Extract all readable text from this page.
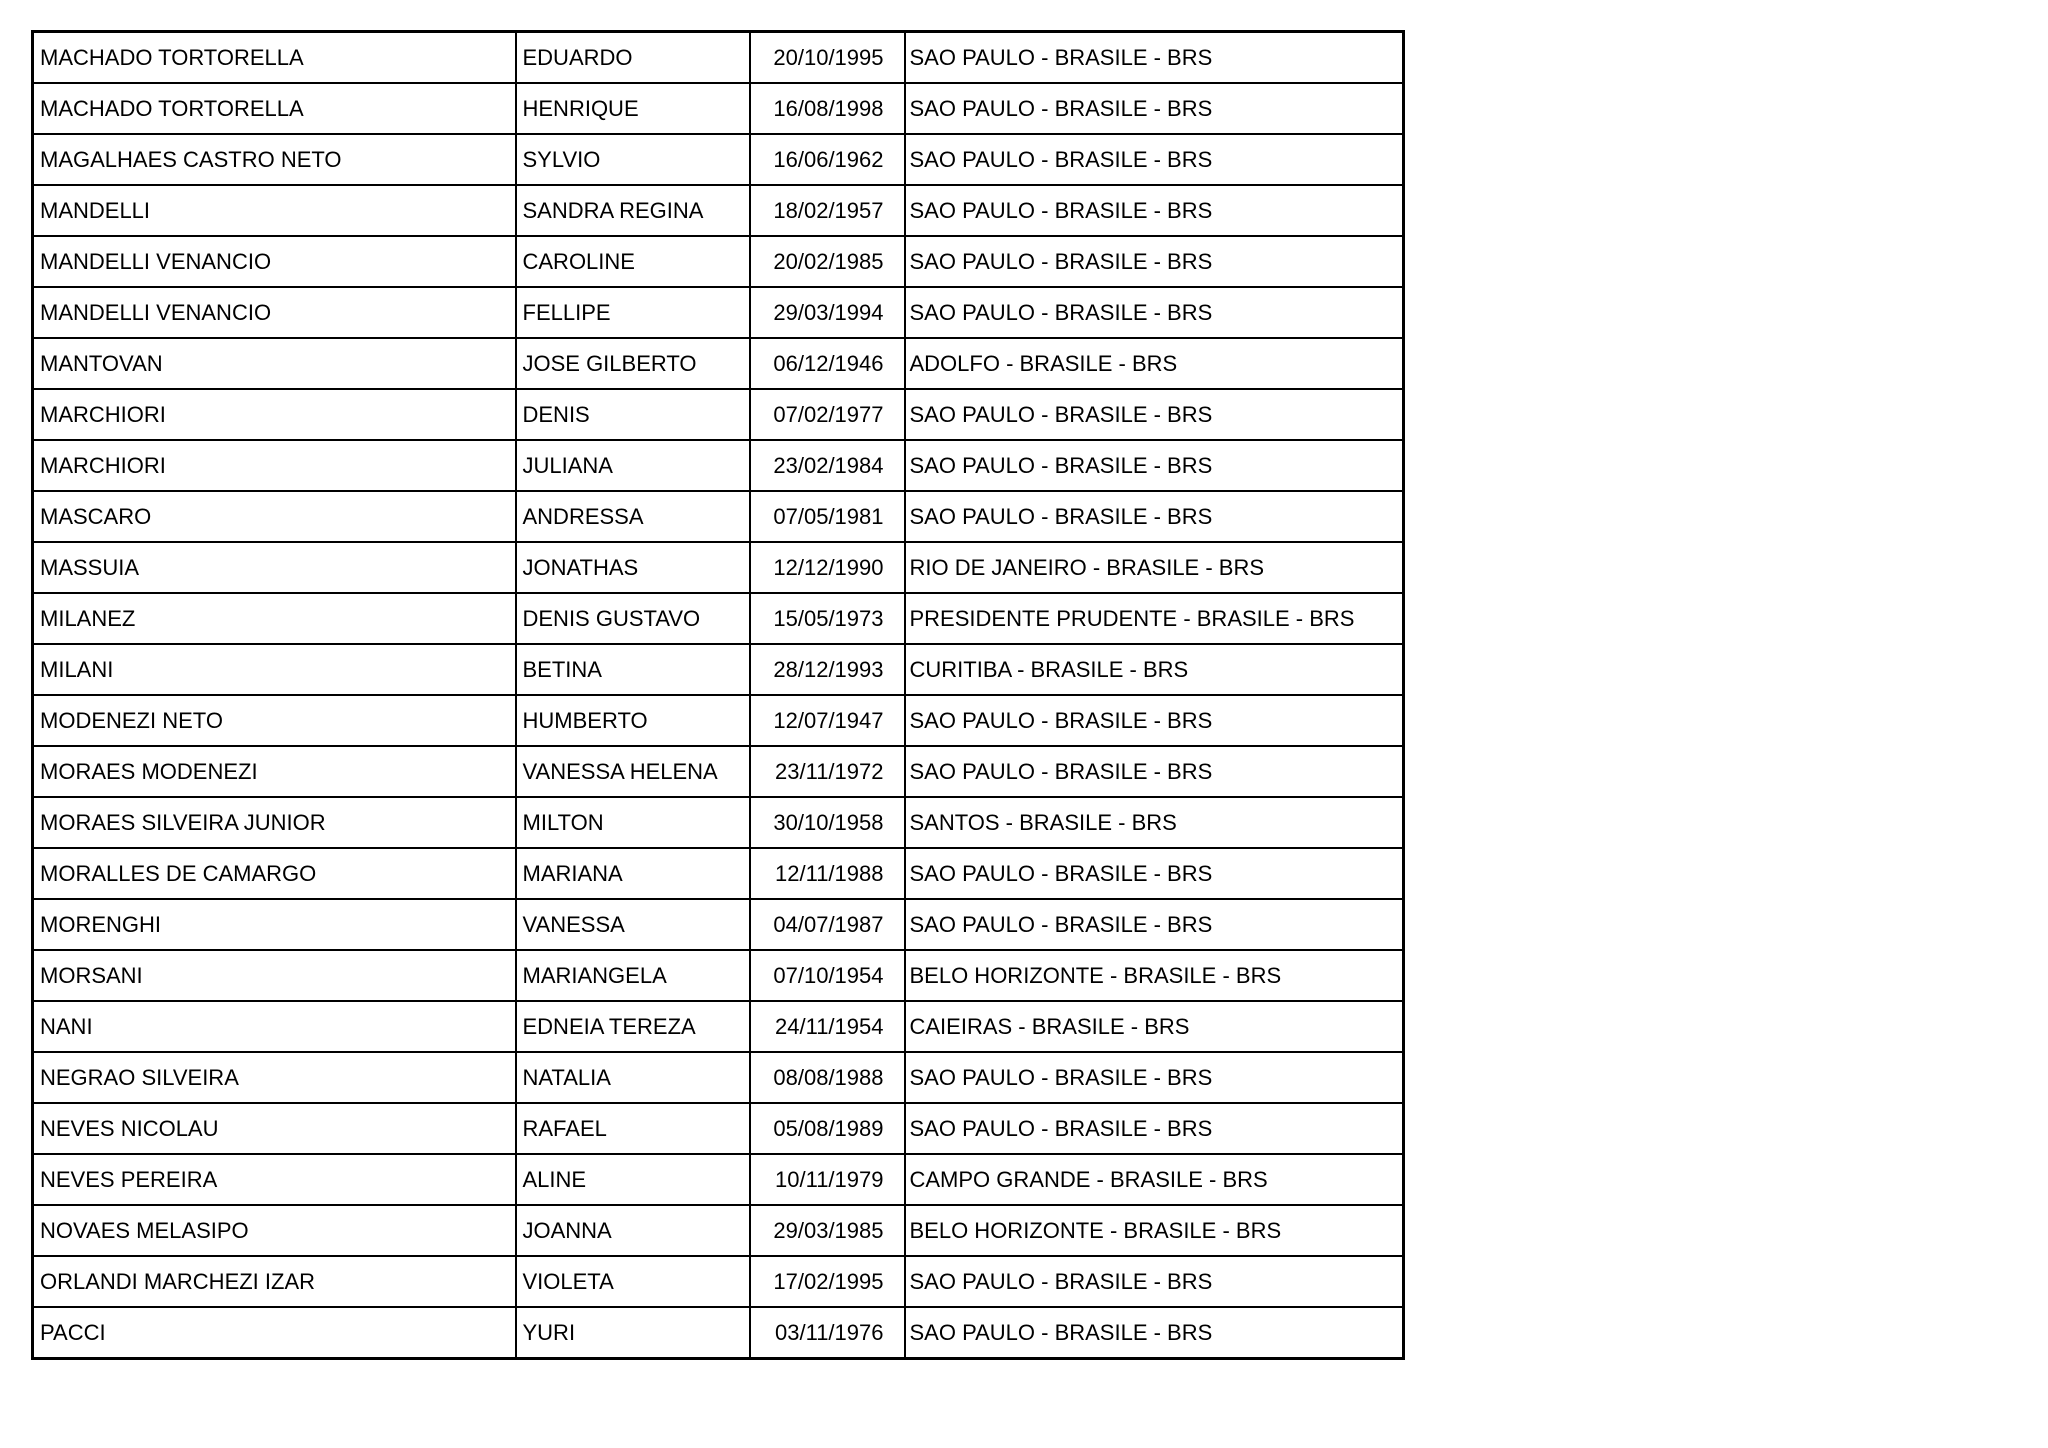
MACHADO TORTORELLA	EDUARDO	20/10/1995	SAO PAULO - BRASILE - BRS
MACHADO TORTORELLA	HENRIQUE	16/08/1998	SAO PAULO - BRASILE - BRS
MAGALHAES CASTRO NETO	SYLVIO	16/06/1962	SAO PAULO - BRASILE - BRS
MANDELLI	SANDRA REGINA	18/02/1957	SAO PAULO - BRASILE - BRS
MANDELLI VENANCIO	CAROLINE	20/02/1985	SAO PAULO - BRASILE - BRS
MANDELLI VENANCIO	FELLIPE	29/03/1994	SAO PAULO - BRASILE - BRS
MANTOVAN	JOSE GILBERTO	06/12/1946	ADOLFO - BRASILE - BRS
MARCHIORI	DENIS	07/02/1977	SAO PAULO - BRASILE - BRS
MARCHIORI	JULIANA	23/02/1984	SAO PAULO - BRASILE - BRS
MASCARO	ANDRESSA	07/05/1981	SAO PAULO - BRASILE - BRS
MASSUIA	JONATHAS	12/12/1990	RIO DE JANEIRO - BRASILE - BRS
MILANEZ	DENIS GUSTAVO	15/05/1973	PRESIDENTE PRUDENTE - BRASILE - BRS
MILANI	BETINA	28/12/1993	CURITIBA - BRASILE - BRS
MODENEZI NETO	HUMBERTO	12/07/1947	SAO PAULO - BRASILE - BRS
MORAES MODENEZI	VANESSA HELENA	23/11/1972	SAO PAULO - BRASILE - BRS
MORAES SILVEIRA JUNIOR	MILTON	30/10/1958	SANTOS - BRASILE - BRS
MORALLES DE CAMARGO	MARIANA	12/11/1988	SAO PAULO - BRASILE - BRS
MORENGHI	VANESSA	04/07/1987	SAO PAULO - BRASILE - BRS
MORSANI	MARIANGELA	07/10/1954	BELO HORIZONTE - BRASILE - BRS
NANI	EDNEIA TEREZA	24/11/1954	CAIEIRAS - BRASILE - BRS
NEGRAO SILVEIRA	NATALIA	08/08/1988	SAO PAULO - BRASILE - BRS
NEVES NICOLAU	RAFAEL	05/08/1989	SAO PAULO - BRASILE - BRS
NEVES PEREIRA	ALINE	10/11/1979	CAMPO GRANDE - BRASILE - BRS
NOVAES MELASIPO	JOANNA	29/03/1985	BELO HORIZONTE - BRASILE - BRS
ORLANDI MARCHEZI IZAR	VIOLETA	17/02/1995	SAO PAULO - BRASILE - BRS
PACCI	YURI	03/11/1976	SAO PAULO - BRASILE - BRS
